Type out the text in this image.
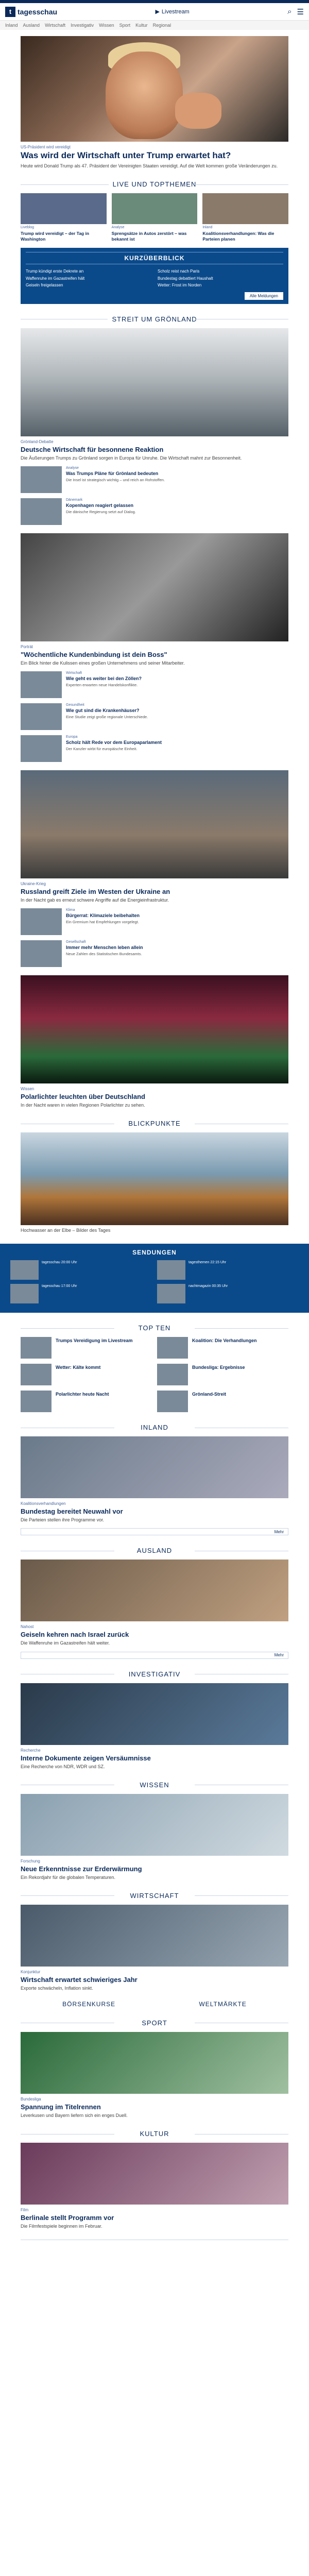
t tagesschau	▶ Livestream	⌕ ☰
Inland Ausland Wirtschaft Investigativ Wissen Sport Kultur Regional
US-Präsident wird vereidigt
Was wird der Wirtschaft unter Trump erwartet hat?
Heute wird Donald Trump als 47. Präsident der Vereinigten Staaten vereidigt. Auf die Welt kommen große Veränderungen zu.
LIVE UND TOPTHEMEN
Liveblog
Trump wird vereidigt – der Tag in Washington
Analyse
Sprengsätze in Autos zerstört – was bekannt ist
Inland
Koalitionsverhandlungen: Was die Parteien planen
KURZÜBERBLICK
Trump kündigt erste Dekrete an
Waffenruhe im Gazastreifen hält
Geiseln freigelassen
Scholz reist nach Paris
Bundestag debattiert Haushalt
Wetter: Frost im Norden
Alle Meldungen
STREIT UM GRÖNLAND
Grönland-Debatte
Deutsche Wirtschaft für besonnene Reaktion
Die Äußerungen Trumps zu Grönland sorgen in Europa für Unruhe. Die Wirtschaft mahnt zur Besonnenheit.
Analyse
Was Trumps Pläne für Grönland bedeuten
Die Insel ist strategisch wichtig – und reich an Rohstoffen.
Dänemark
Kopenhagen reagiert gelassen
Die dänische Regierung setzt auf Dialog.
Porträt
"Wöchentliche Kundenbindung ist dein Boss"
Ein Blick hinter die Kulissen eines großen Unternehmens und seiner Mitarbeiter.
Wirtschaft
Wie geht es weiter bei den Zöllen?
Experten erwarten neue Handelskonflikte.
Gesundheit
Wie gut sind die Krankenhäuser?
Eine Studie zeigt große regionale Unterschiede.
Europa
Scholz hält Rede vor dem Europaparlament
Der Kanzler wirbt für europäische Einheit.
Ukraine-Krieg
Russland greift Ziele im Westen der Ukraine an
In der Nacht gab es erneut schwere Angriffe auf die Energieinfrastruktur.
Klima
Bürgerrat: Klimaziele beibehalten
Ein Gremium hat Empfehlungen vorgelegt.
Gesellschaft
Immer mehr Menschen leben allein
Neue Zahlen des Statistischen Bundesamts.
Wissen
Polarlichter leuchten über Deutschland
In der Nacht waren in vielen Regionen Polarlichter zu sehen.
BLICKPUNKTE
Hochwasser an der Elbe – Bilder des Tages
SENDUNGEN
tagesschau 20:00 Uhr	tagesthemen 22:15 Uhr
tagesschau 17:00 Uhr	nachtmagazin 00:35 Uhr
TOP TEN
Trumps Vereidigung im Livestream	Koalition: Die Verhandlungen
Wetter: Kälte kommt	Bundesliga: Ergebnisse
Polarlichter heute Nacht	Grönland-Streit
INLAND
Koalitionsverhandlungen
Bundestag bereitet Neuwahl vor
Die Parteien stellen ihre Programme vor.
Mehr
AUSLAND
Nahost
Geiseln kehren nach Israel zurück
Die Waffenruhe im Gazastreifen hält weiter.
Mehr
INVESTIGATIV
Recherche
Interne Dokumente zeigen Versäumnisse
Eine Recherche von NDR, WDR und SZ.
WISSEN
Forschung
Neue Erkenntnisse zur Erderwärmung
Ein Rekordjahr für die globalen Temperaturen.
WIRTSCHAFT
Konjunktur
Wirtschaft erwartet schwieriges Jahr
Exporte schwächeln, Inflation sinkt.
BÖRSENKURSE	WELTMÄRKTE
SPORT
Bundesliga
Spannung im Titelrennen
Leverkusen und Bayern liefern sich ein enges Duell.
KULTUR
Film
Berlinale stellt Programm vor
Die Filmfestspiele beginnen im Februar.
